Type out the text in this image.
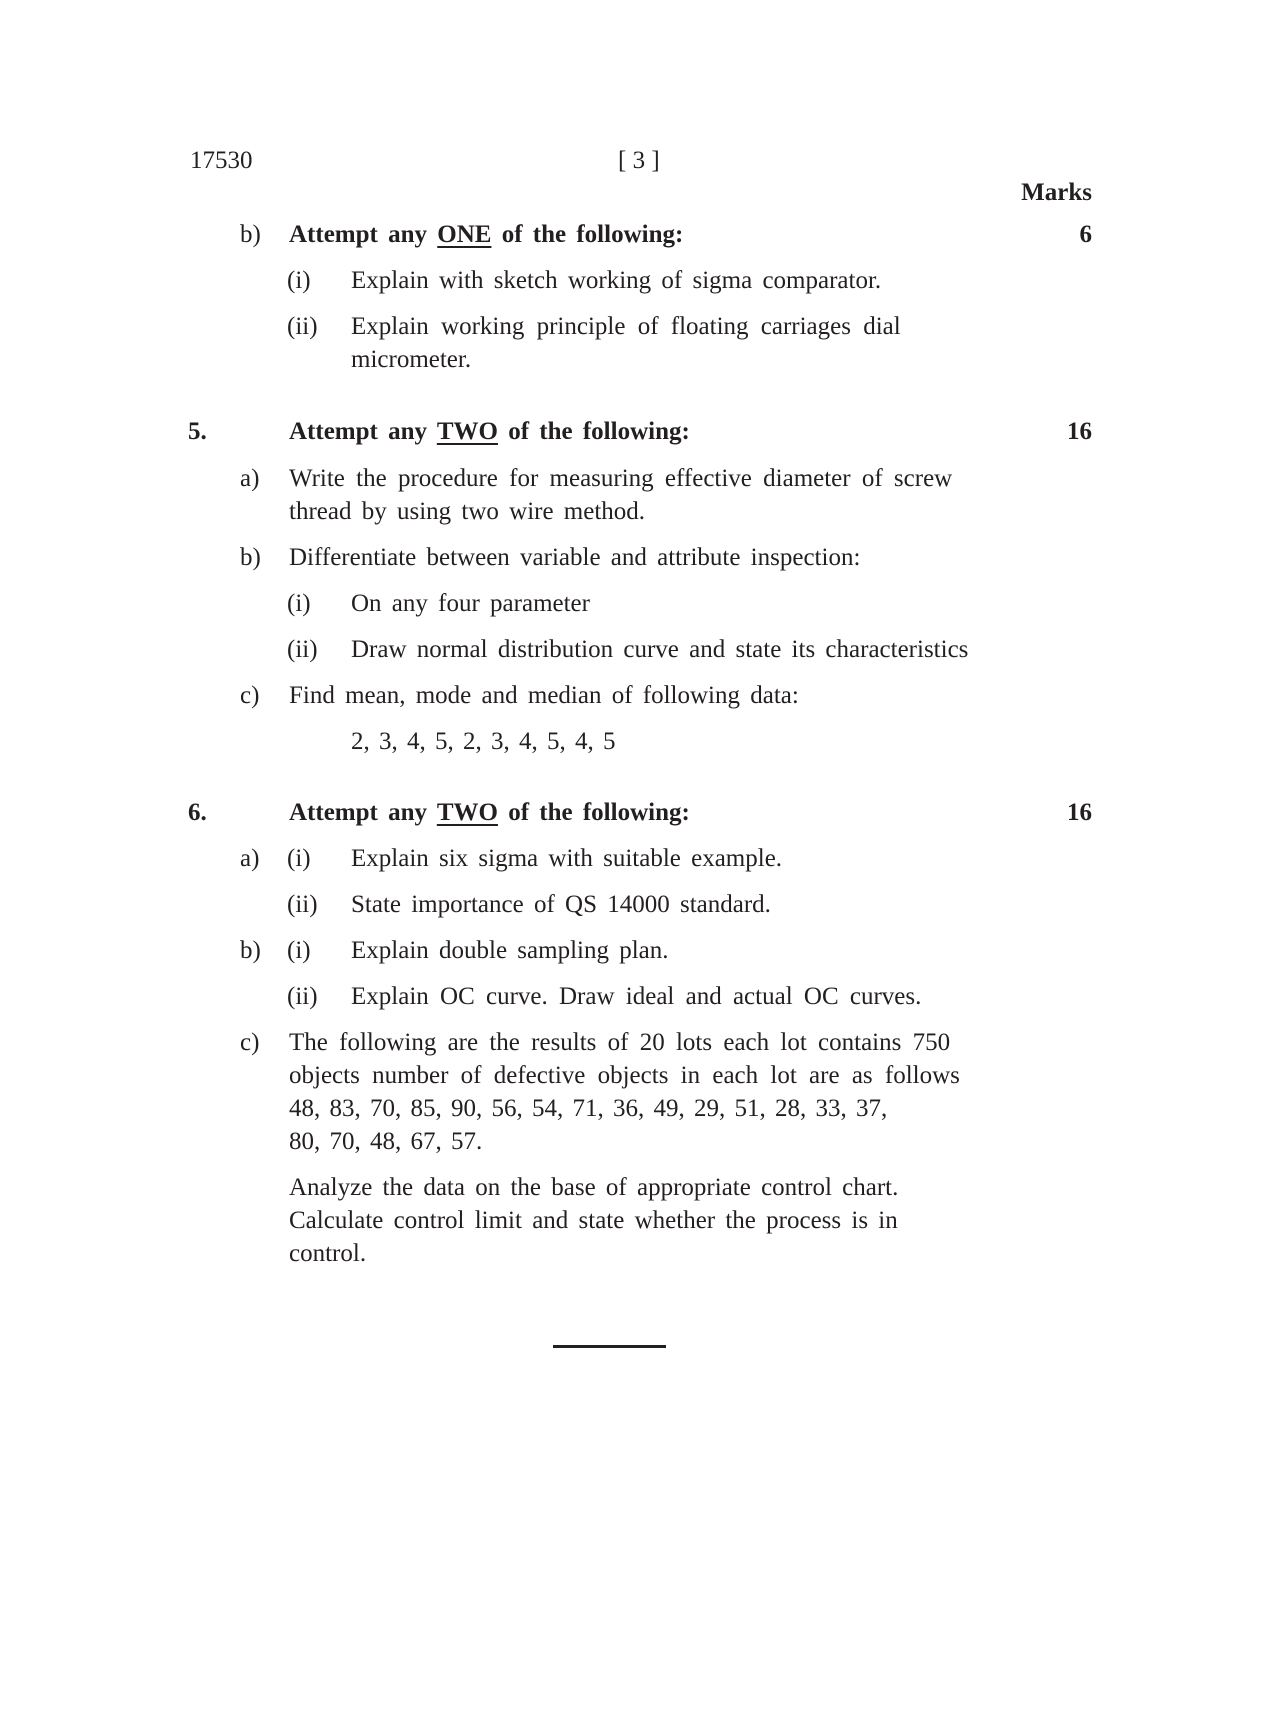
17530	[ 3 ]
Marks
b) Attempt any ONE of the following:	6
(i) Explain with sketch working of sigma comparator.
(ii) Explain working principle of floating carriages dial
micrometer.
5.	Attempt any TWO of the following:	16
a) Write the procedure for measuring effective diameter of screw
thread by using two wire method.
b) Differentiate between variable and attribute inspection:
(i) On any four parameter
(ii) Draw normal distribution curve and state its characteristics
c) Find mean, mode and median of following data:
2, 3, 4, 5, 2, 3, 4, 5, 4, 5
6.	Attempt any TWO of the following:	16
a) (i) Explain six sigma with suitable example.
(ii) State importance of QS 14000 standard.
b) (i) Explain double sampling plan.
(ii) Explain OC curve. Draw ideal and actual OC curves.
c) The following are the results of 20 lots each lot contains 750
objects number of defective objects in each lot are as follows
48, 83, 70, 85, 90, 56, 54, 71, 36, 49, 29, 51, 28, 33, 37,
80, 70, 48, 67, 57.
Analyze the data on the base of appropriate control chart.
Calculate control limit and state whether the process is in
control.
